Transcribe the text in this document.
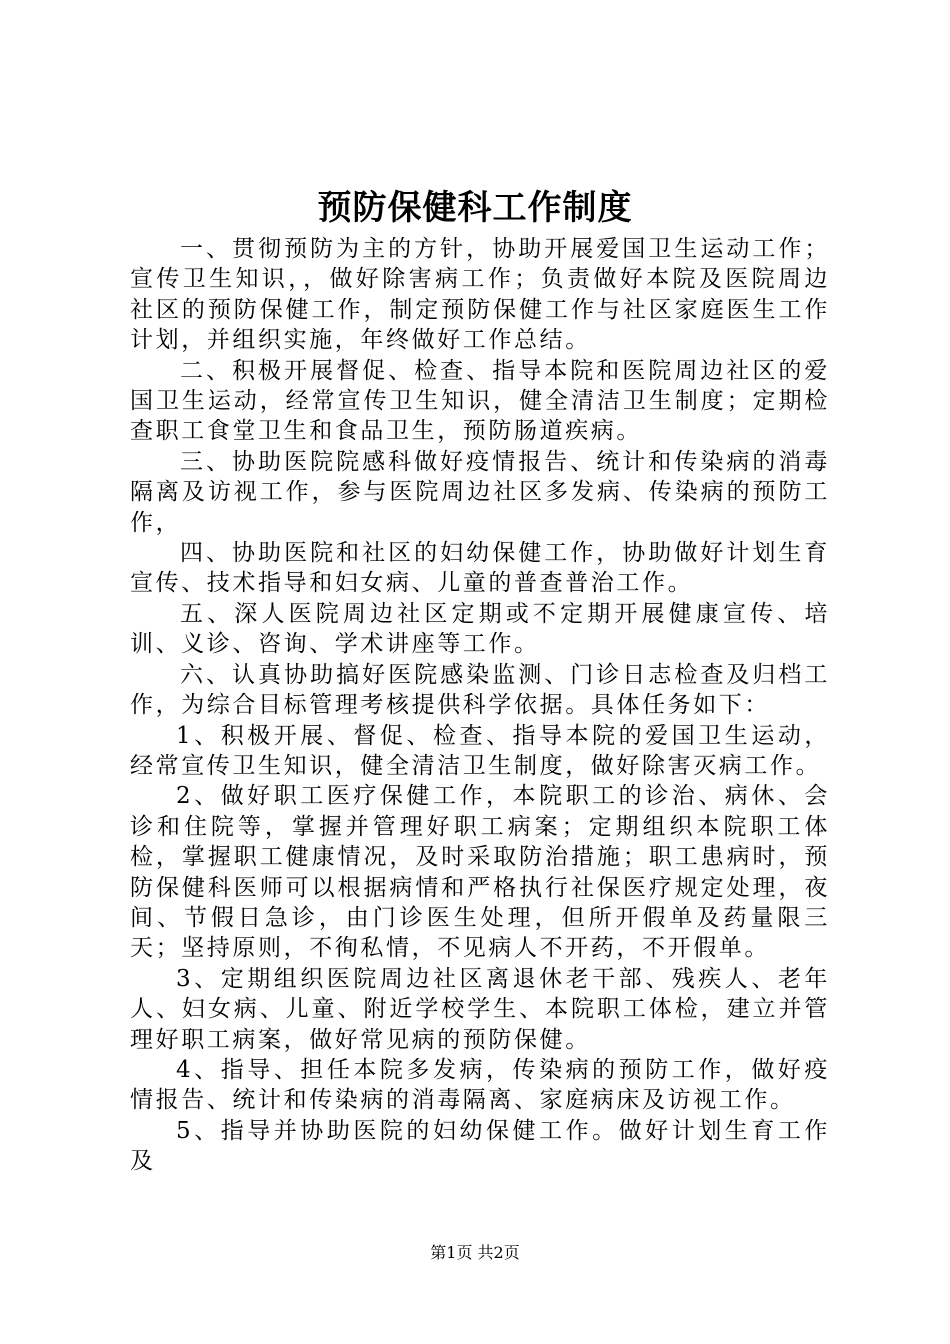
预防保健科工作制度

一、贯彻预防为主的方针，协助开展爱国卫生运动工作；宣传卫生知识，，做好除害病工作；负责做好本院及医院周边社区的预防保健工作，制定预防保健工作与社区家庭医生工作计划，并组织实施，年终做好工作总结。

二、积极开展督促、检查、指导本院和医院周边社区的爱国卫生运动，经常宣传卫生知识，健全清洁卫生制度；定期检查职工食堂卫生和食品卫生，预防肠道疾病。

三、协助医院院感科做好疫情报告、统计和传染病的消毒隔离及访视工作，参与医院周边社区多发病、传染病的预防工作，

四、协助医院和社区的妇幼保健工作，协助做好计划生育宣传、技术指导和妇女病、儿童的普查普治工作。

五、深人医院周边社区定期或不定期开展健康宣传、培训、义诊、咨询、学术讲座等工作。

六、认真协助搞好医院感染监测、门诊日志检查及归档工作，为综合目标管理考核提供科学依据。具体任务如下：

1、积极开展、督促、检查、指导本院的爱国卫生运动，经常宣传卫生知识，健全清洁卫生制度，做好除害灭病工作。

2、做好职工医疗保健工作，本院职工的诊治、病休、会诊和住院等，掌握并管理好职工病案；定期组织本院职工体检，掌握职工健康情况，及时采取防治措施；职工患病时，预防保健科医师可以根据病情和严格执行社保医疗规定处理，夜间、节假日急诊，由门诊医生处理，但所开假单及药量限三天；坚持原则，不徇私情，不见病人不开药，不开假单。

3、定期组织医院周边社区离退休老干部、残疾人、老年人、妇女病、儿童、附近学校学生、本院职工体检，建立并管理好职工病案，做好常见病的预防保健。

4、指导、担任本院多发病，传染病的预防工作，做好疫情报告、统计和传染病的消毒隔离、家庭病床及访视工作。

5、指导并协助医院的妇幼保健工作。做好计划生育工作及

第1页 共2页
